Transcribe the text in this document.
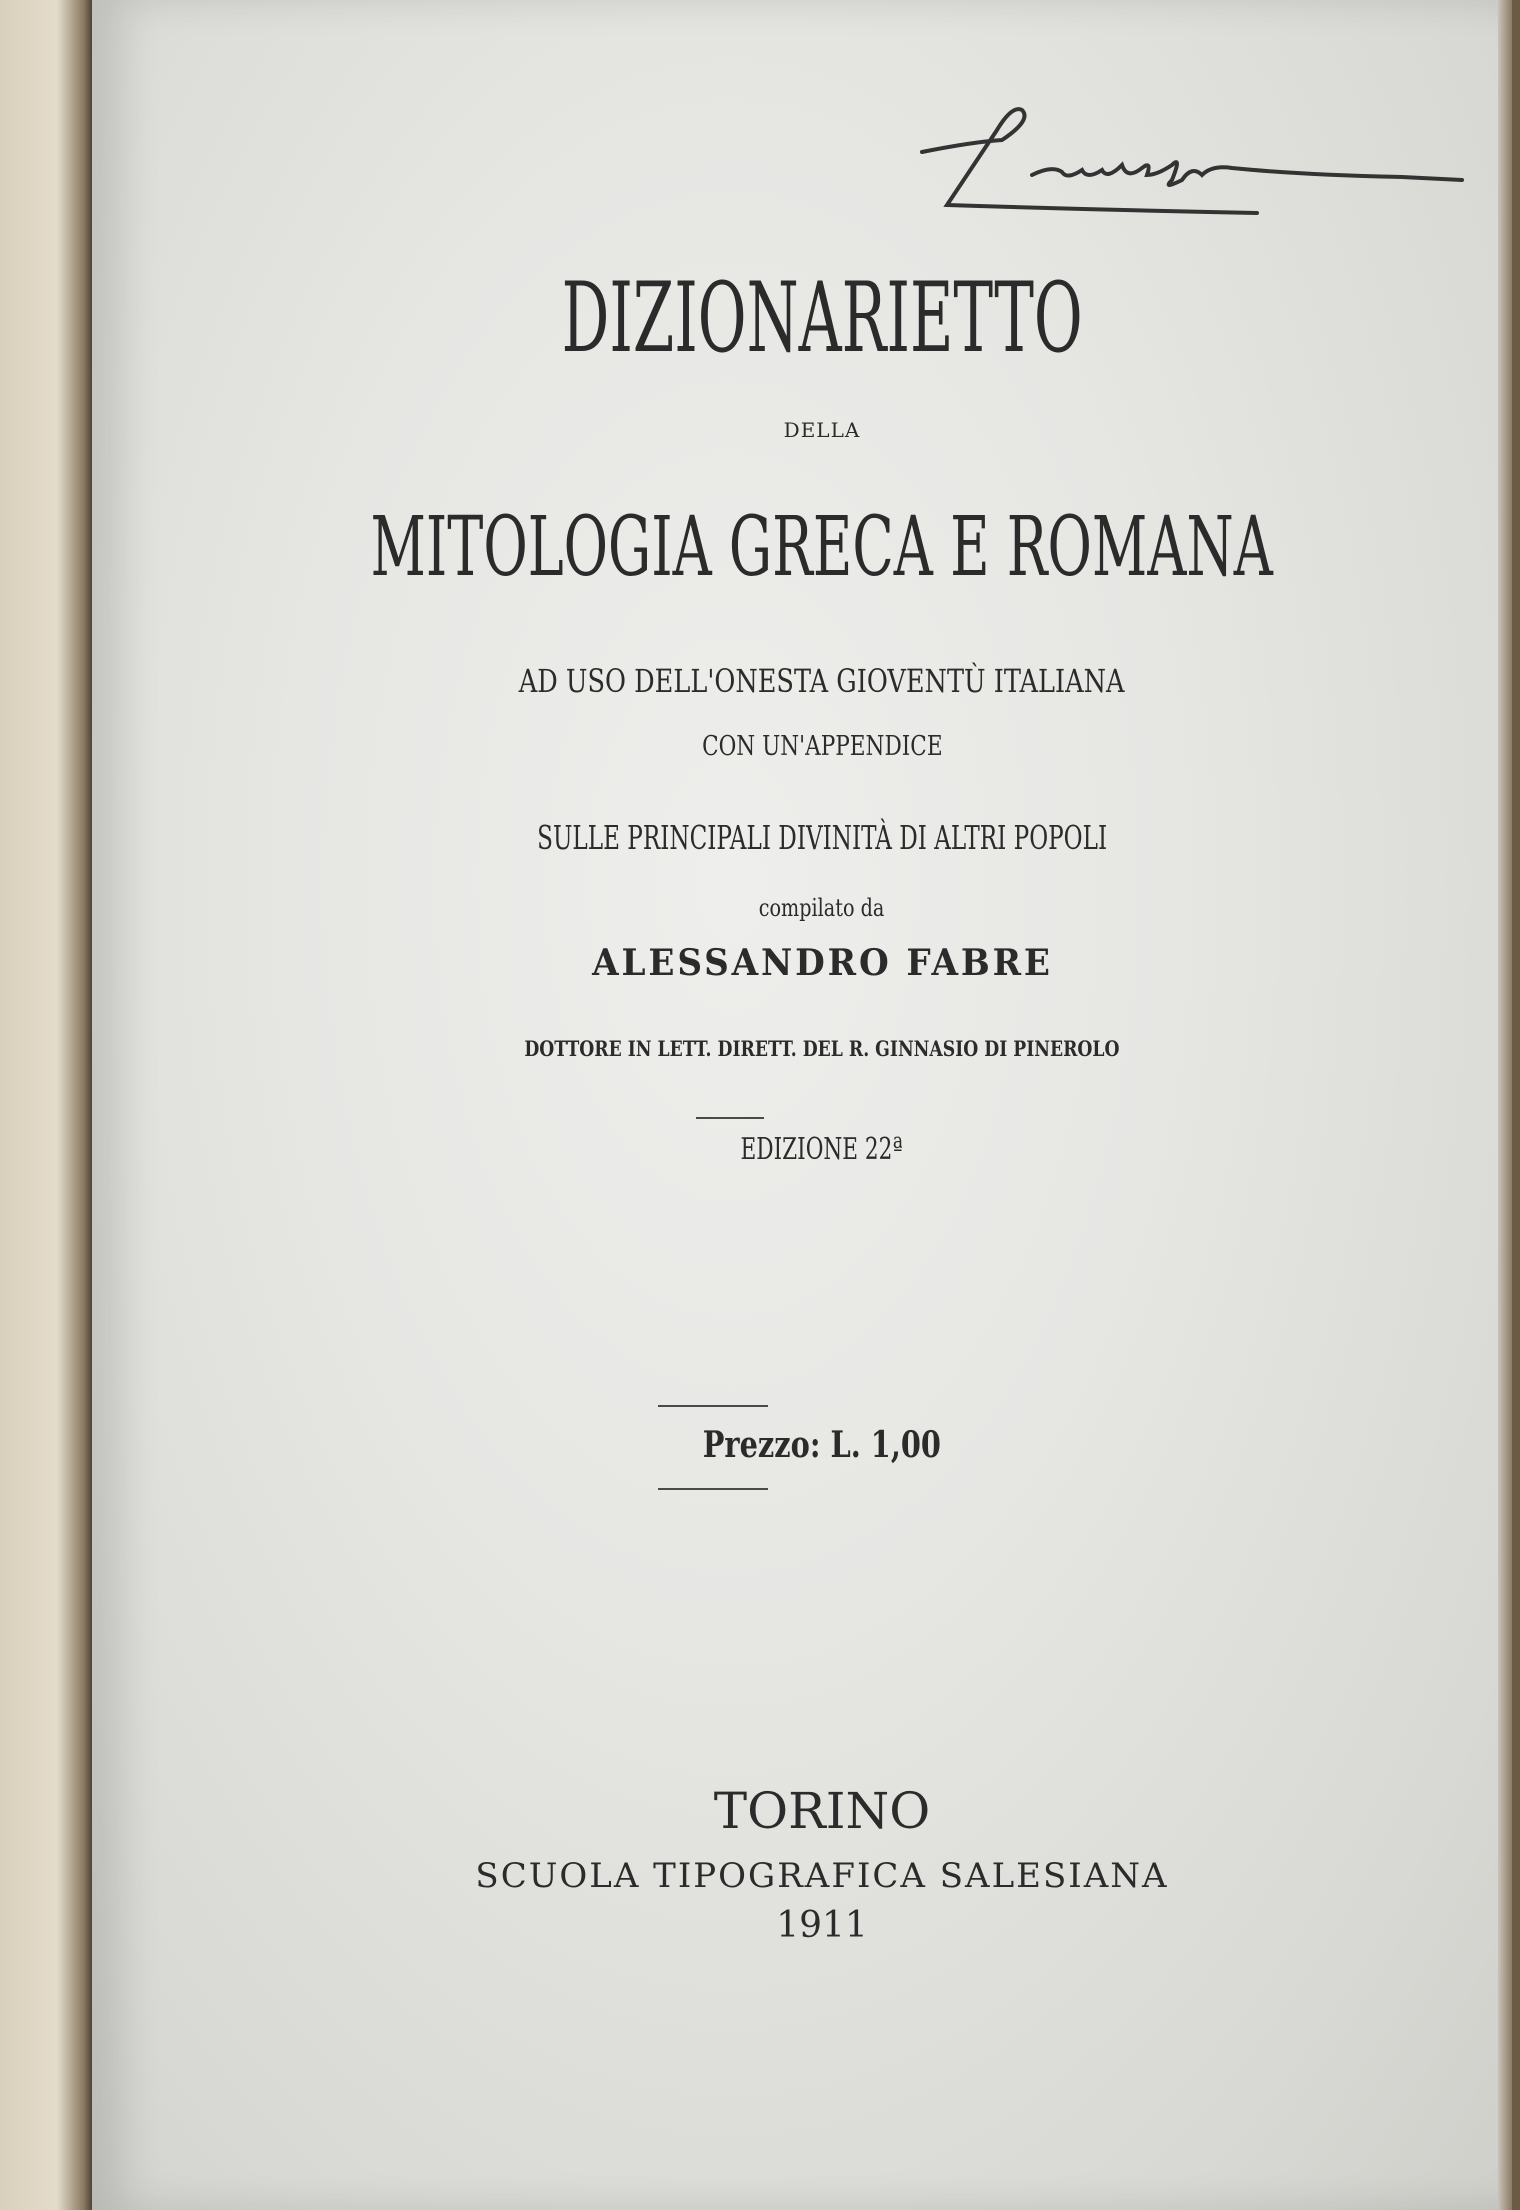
DIZIONARIETTO
DELLA
MITOLOGIA GRECA E ROMANA
AD USO DELL'ONESTA GIOVENTÙ ITALIANA
CON UN'APPENDICE
SULLE PRINCIPALI DIVINITÀ DI ALTRI POPOLI
compilato da
ALESSANDRO FABRE
DOTTORE IN LETT. DIRETT. DEL R. GINNASIO DI PINEROLO
EDIZIONE 22ª
Prezzo: L. 1,00
TORINO
SCUOLA TIPOGRAFICA SALESIANA
1911
